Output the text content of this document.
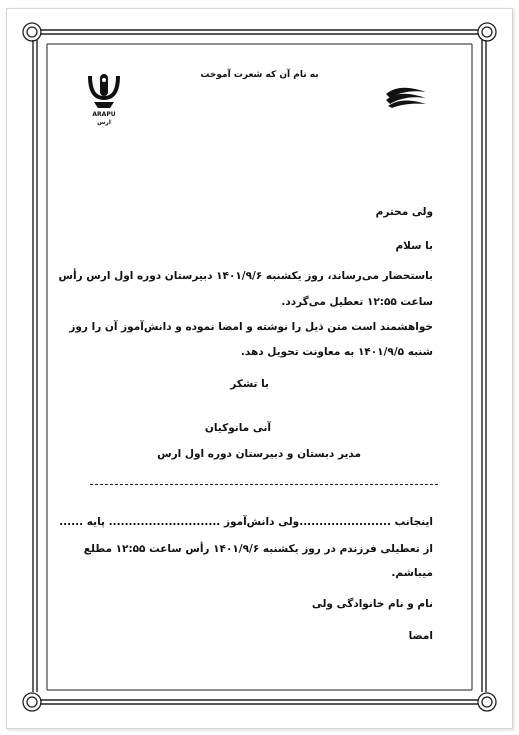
به نام آن كه شعرت آموخت
ARAPU
ارس
ولی محترم
با سلام
باستحضار می‌رساند، روز یکشنبه ۱۴۰۱/۹/۶ دبیرستان دوره اول ارس رأس
ساعت ۱۲:۵۵ تعطیل می‌گردد.
خواهشمند است متن ذیل را نوشته و امضا نموده و دانش‌آموز آن را روز
شنبه ۱۴۰۱/۹/۵ به معاونت تحویل دهد.
با تشکر
آنی مانوکیان
مدیر دبستان و دبیرستان دوره اول ارس
اینجانب .......................ولی دانش‌آموز ............................ پایه ......
از تعطیلی فرزندم در روز یکشنبه ۱۴۰۱/۹/۶ رأس ساعت ۱۲:۵۵ مطلع
میباشم.
نام و نام خانوادگی ولی
امضا
